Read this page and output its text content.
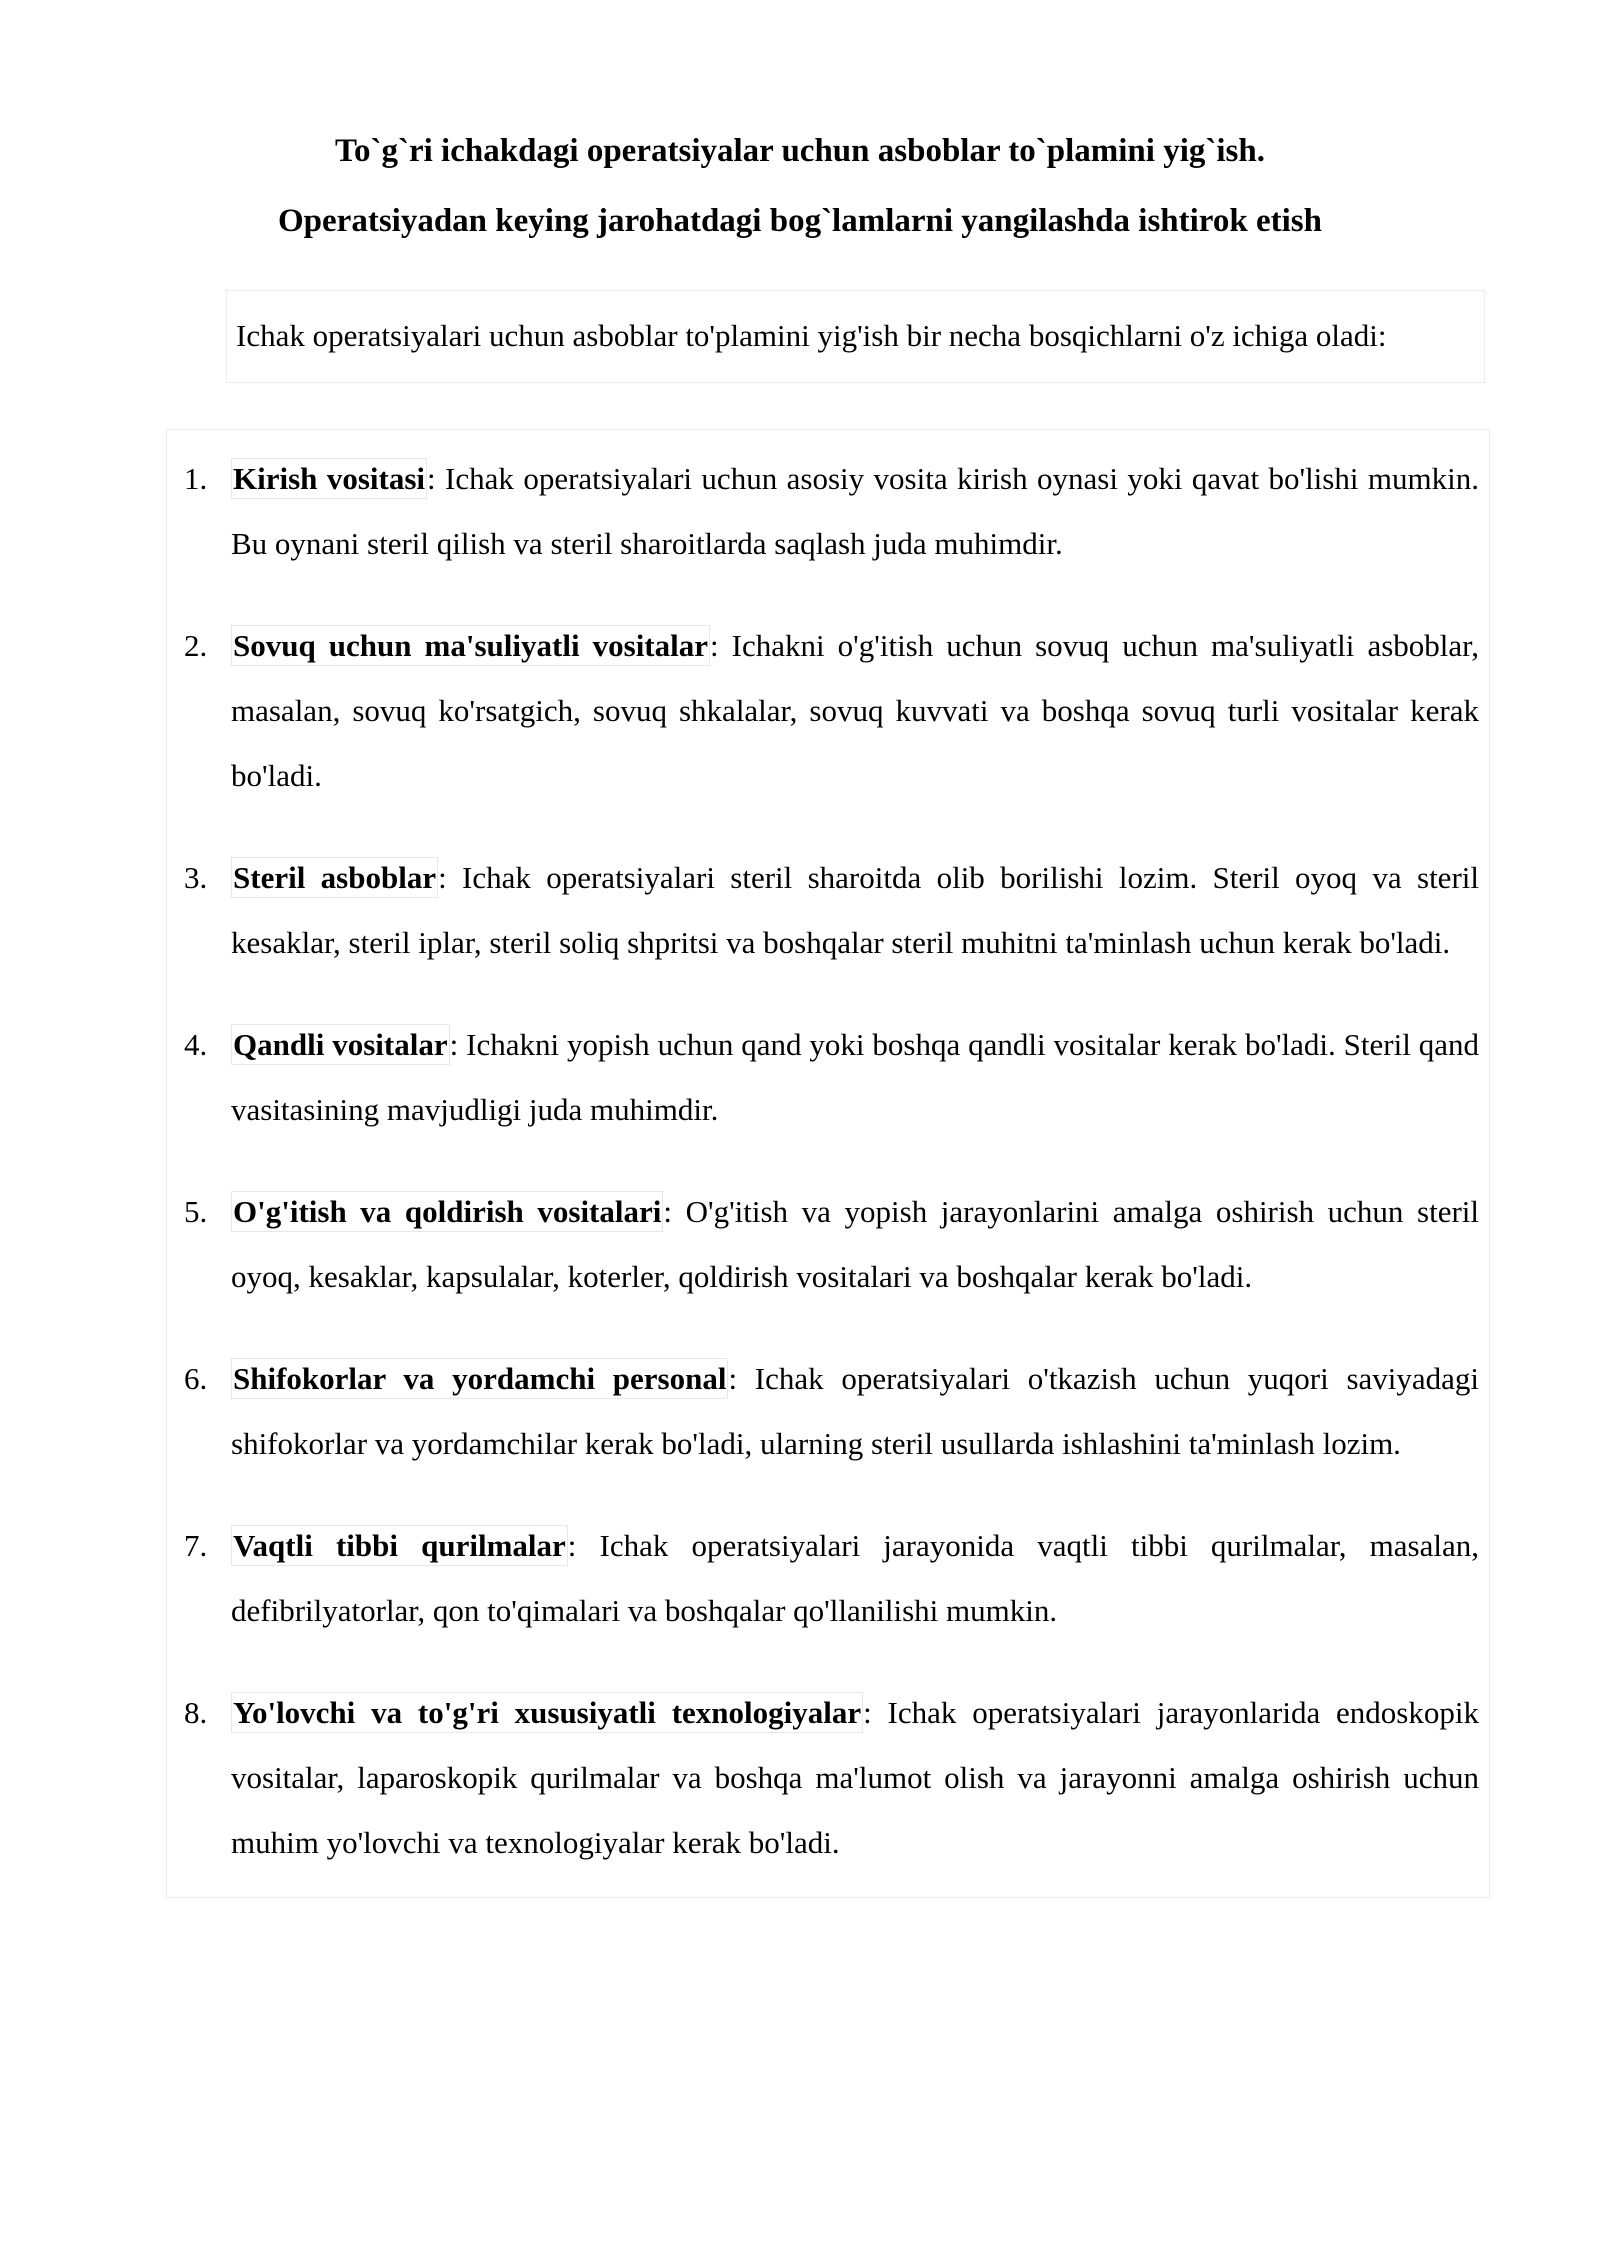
To`g`ri ichakdagi operatsiyalar uchun asboblar to`plamini yig`ish.
Operatsiyadan keying jarohatdagi bog`lamlarni yangilashda ishtirok etish
Ichak operatsiyalari uchun asboblar to'plamini yig'ish bir necha bosqichlarni o'z ichiga oladi:
1. Kirish vositasi: Ichak operatsiyalari uchun asosiy vosita kirish oynasi yoki qavat bo'lishi mumkin. Bu oynani steril qilish va steril sharoitlarda saqlash juda muhimdir.
2. Sovuq uchun ma'suliyatli vositalar: Ichakni o'g'itish uchun sovuq uchun ma'suliyatli asboblar, masalan, sovuq ko'rsatgich, sovuq shkalalar, sovuq kuvvati va boshqa sovuq turli vositalar kerak bo'ladi.
3. Steril asboblar: Ichak operatsiyalari steril sharoitda olib borilishi lozim. Steril oyoq va steril kesaklar, steril iplar, steril soliq shpritsi va boshqalar steril muhitni ta'minlash uchun kerak bo'ladi.
4. Qandli vositalar: Ichakni yopish uchun qand yoki boshqa qandli vositalar kerak bo'ladi. Steril qand vasitasining mavjudligi juda muhimdir.
5. O'g'itish va qoldirish vositalari: O'g'itish va yopish jarayonlarini amalga oshirish uchun steril oyoq, kesaklar, kapsulalar, koterler, qoldirish vositalari va boshqalar kerak bo'ladi.
6. Shifokorlar va yordamchi personal: Ichak operatsiyalari o'tkazish uchun yuqori saviyadagi shifokorlar va yordamchilar kerak bo'ladi, ularning steril usullarda ishlashini ta'minlash lozim.
7. Vaqtli tibbi qurilmalar: Ichak operatsiyalari jarayonida vaqtli tibbi qurilmalar, masalan, defibrilyatorlar, qon to'qimalari va boshqalar qo'llanilishi mumkin.
8. Yo'lovchi va to'g'ri xususiyatli texnologiyalar: Ichak operatsiyalari jarayonlarida endoskopik vositalar, laparoskopik qurilmalar va boshqa ma'lumot olish va jarayonni amalga oshirish uchun muhim yo'lovchi va texnologiyalar kerak bo'ladi.
